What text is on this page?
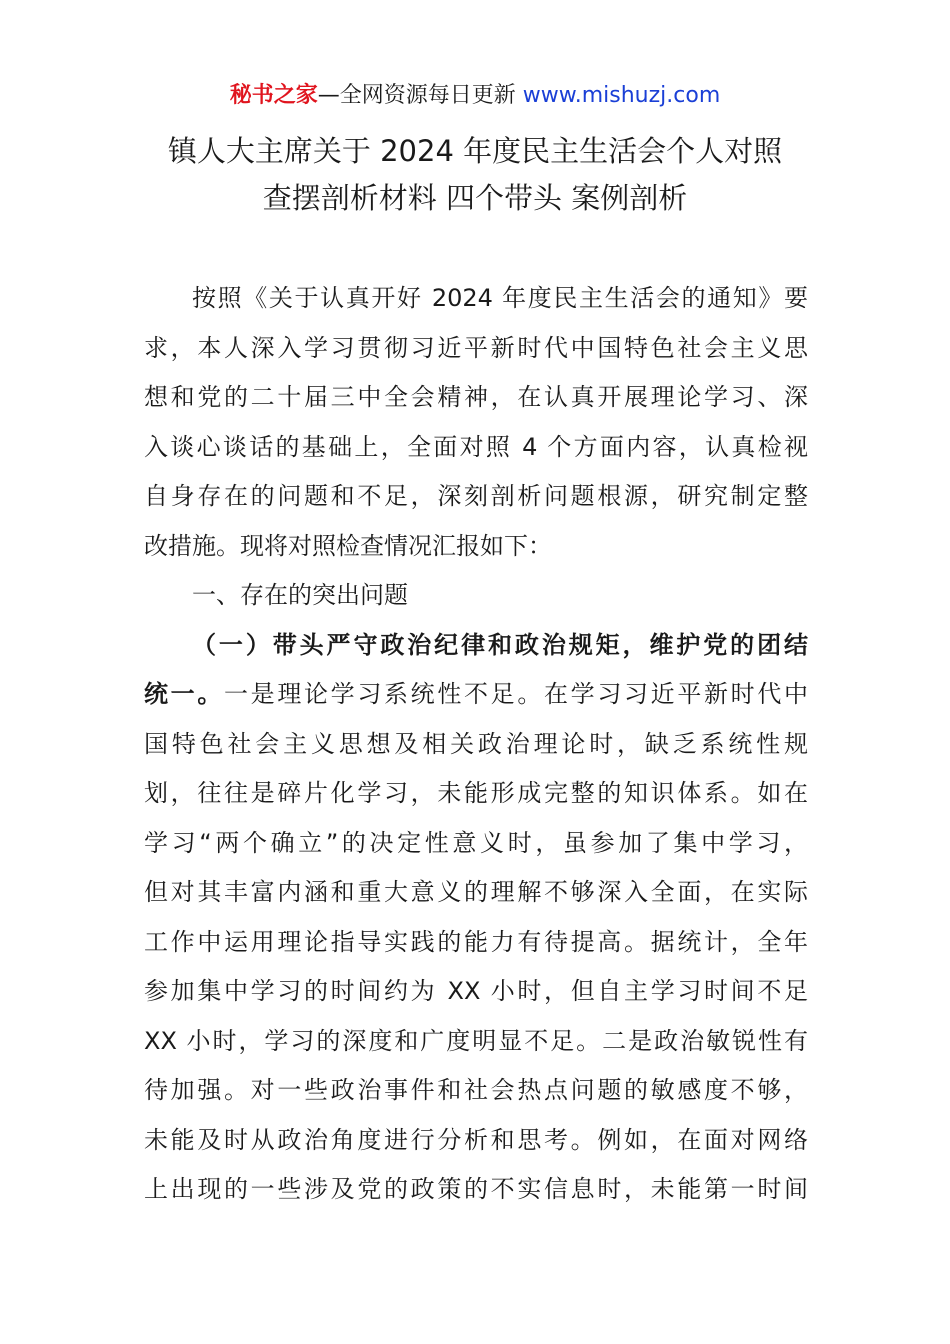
秘书之家—全网资源每日更新 www.mishuzj.com
镇人大主席关于 2024 年度民主生活会个人对照
查摆剖析材料 四个带头 案例剖析
按照《关于认真开好 2024 年度民主生活会的通知》要
求，本人深入学习贯彻习近平新时代中国特色社会主义思
想和党的二十届三中全会精神，在认真开展理论学习、深
入谈心谈话的基础上，全面对照 4 个方面内容，认真检视
自身存在的问题和不足，深刻剖析问题根源，研究制定整
改措施。现将对照检查情况汇报如下：
一、存在的突出问题
（一）带头严守政治纪律和政治规矩，维护党的团结
统一。一是理论学习系统性不足。在学习习近平新时代中
国特色社会主义思想及相关政治理论时，缺乏系统性规
划，往往是碎片化学习，未能形成完整的知识体系。如在
学习“两个确立”的决定性意义时，虽参加了集中学习，
但对其丰富内涵和重大意义的理解不够深入全面，在实际
工作中运用理论指导实践的能力有待提高。据统计，全年
参加集中学习的时间约为 XX 小时，但自主学习时间不足
XX 小时，学习的深度和广度明显不足。二是政治敏锐性有
待加强。对一些政治事件和社会热点问题的敏感度不够，
未能及时从政治角度进行分析和思考。例如，在面对网络
上出现的一些涉及党的政策的不实信息时，未能第一时间
